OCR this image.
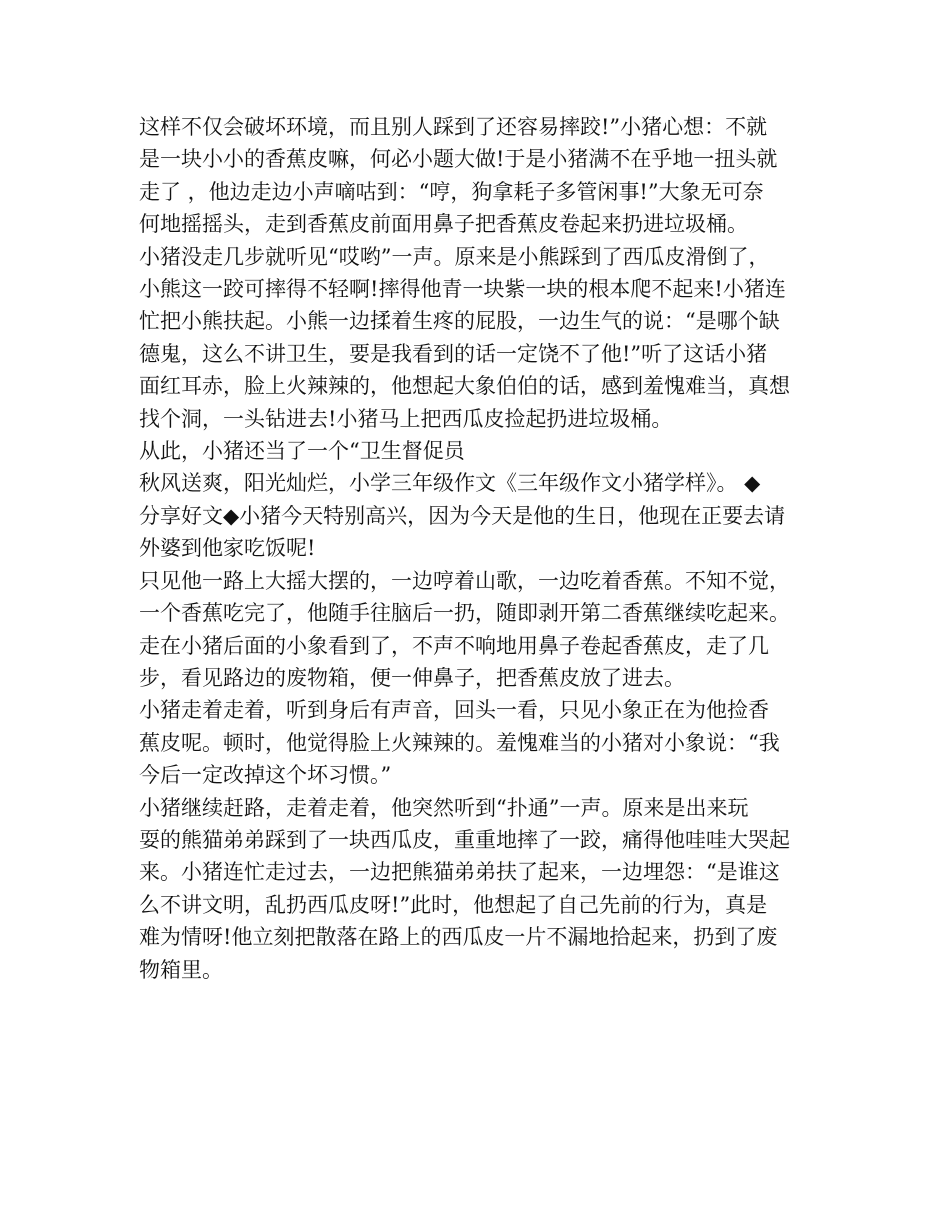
这样不仅会破坏环境，而且别人踩到了还容易摔跤!”小猪心想：不就

是一块小小的香蕉皮嘛，何必小题大做!于是小猪满不在乎地一扭头就

走了 ，他边走边小声嘀咕到：“哼，狗拿耗子多管闲事!”大象无可奈

何地摇摇头，走到香蕉皮前面用鼻子把香蕉皮卷起来扔进垃圾桶。

小猪没走几步就听见“哎哟”一声。原来是小熊踩到了西瓜皮滑倒了，

小熊这一跤可摔得不轻啊!摔得他青一块紫一块的根本爬不起来!小猪连

忙把小熊扶起。小熊一边揉着生疼的屁股，一边生气的说：“是哪个缺

德鬼，这么不讲卫生，要是我看到的话一定饶不了他!”听了这话小猪

面红耳赤，脸上火辣辣的，他想起大象伯伯的话，感到羞愧难当，真想

找个洞，一头钻进去!小猪马上把西瓜皮捡起扔进垃圾桶。

从此，小猪还当了一个“卫生督促员

秋风送爽，阳光灿烂，小学三年级作文《三年级作文小猪学样》。 ◆

分享好文◆小猪今天特别高兴，因为今天是他的生日，他现在正要去请

外婆到他家吃饭呢!

只见他一路上大摇大摆的，一边哼着山歌，一边吃着香蕉。不知不觉，

一个香蕉吃完了，他随手往脑后一扔，随即剥开第二香蕉继续吃起来。

走在小猪后面的小象看到了，不声不响地用鼻子卷起香蕉皮，走了几

步，看见路边的废物箱，便一伸鼻子，把香蕉皮放了进去。

小猪走着走着，听到身后有声音，回头一看，只见小象正在为他捡香

蕉皮呢。顿时，他觉得脸上火辣辣的。羞愧难当的小猪对小象说：“我

今后一定改掉这个坏习惯。”

小猪继续赶路，走着走着，他突然听到“扑通”一声。原来是出来玩

耍的熊猫弟弟踩到了一块西瓜皮，重重地摔了一跤，痛得他哇哇大哭起

来。小猪连忙走过去，一边把熊猫弟弟扶了起来，一边埋怨：“是谁这

么不讲文明，乱扔西瓜皮呀!”此时，他想起了自己先前的行为，真是

难为情呀!他立刻把散落在路上的西瓜皮一片不漏地拾起来，扔到了废

物箱里。
